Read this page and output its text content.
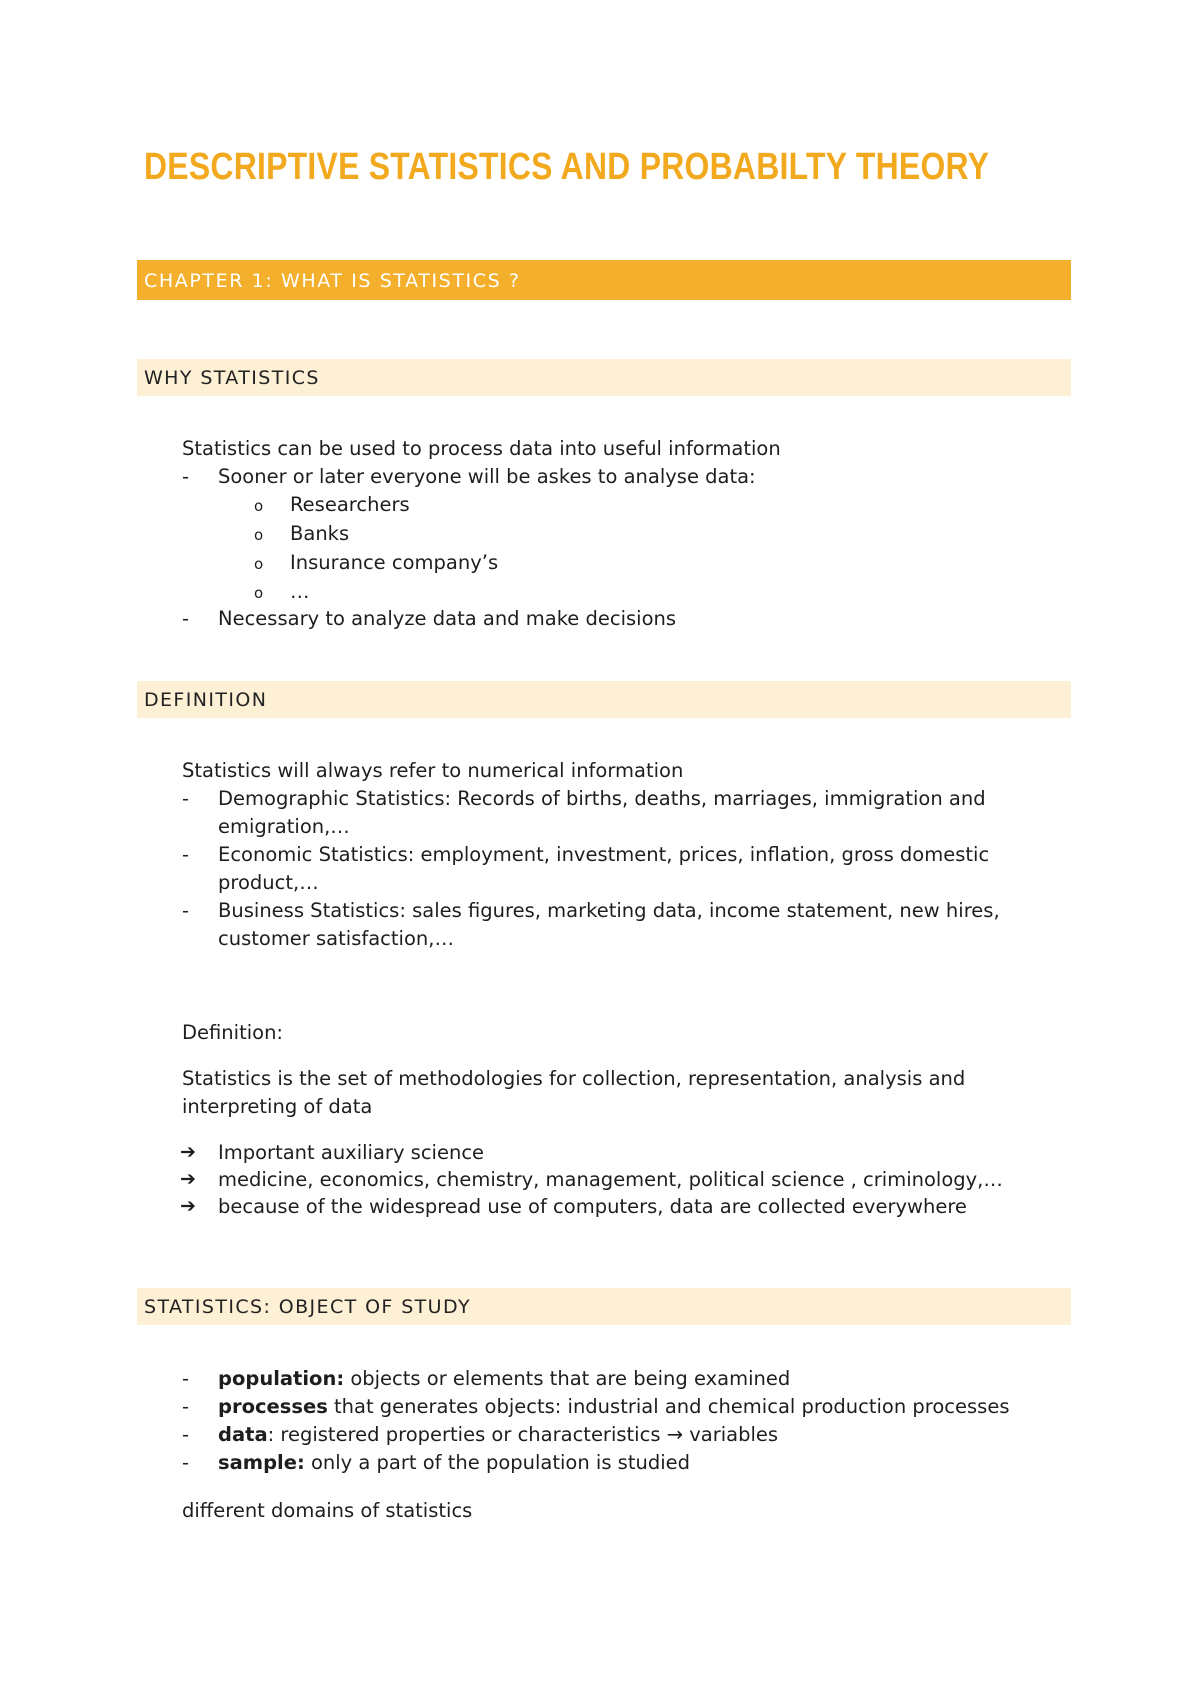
DESCRIPTIVE STATISTICS AND PROBABILTY THEORY
CHAPTER 1: WHAT IS STATISTICS ?
WHY STATISTICS
Statistics can be used to process data into useful information
- Sooner or later everyone will be askes to analyse data:
o Researchers
o Banks
o Insurance company’s
o …
- Necessary to analyze data and make decisions
DEFINITION
Statistics will always refer to numerical information
- Demographic Statistics: Records of births, deaths, marriages, immigration and
emigration,…
- Economic Statistics: employment, investment, prices, inflation, gross domestic
product,…
- Business Statistics: sales figures, marketing data, income statement, new hires,
customer satisfaction,…
Definition:
Statistics is the set of methodologies for collection, representation, analysis and
interpreting of data
➔ Important auxiliary science
➔ medicine, economics, chemistry, management, political science , criminology,…
➔ because of the widespread use of computers, data are collected everywhere
STATISTICS: OBJECT OF STUDY
- population: objects or elements that are being examined
- processes that generates objects: industrial and chemical production processes
- data: registered properties or characteristics → variables
- sample: only a part of the population is studied
different domains of statistics
